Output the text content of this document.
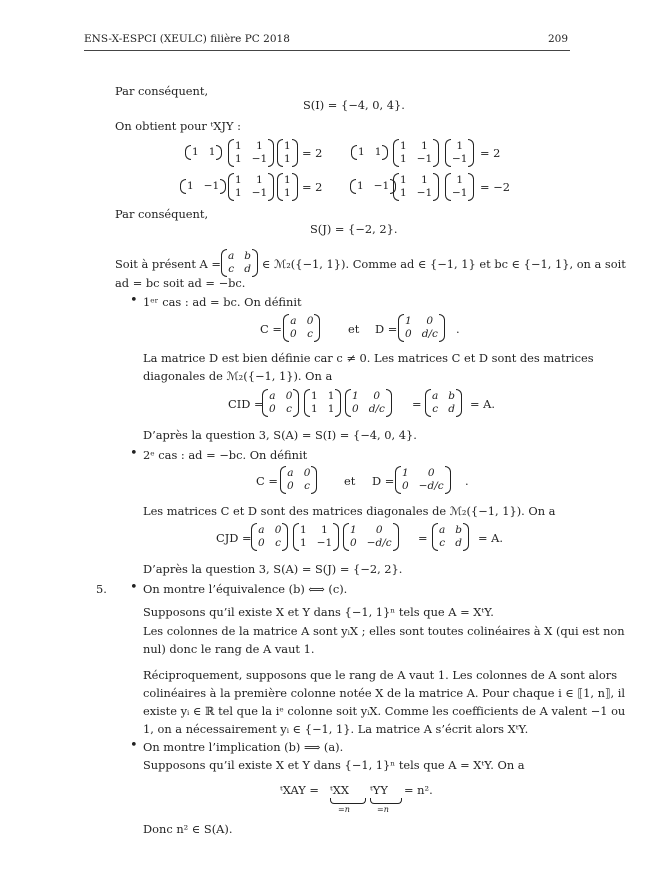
ENS-X-ESPCI (XEULC) filière PC 2018	209
Par conséquent,
S(I) = {−4, 0, 4}.
On obtient pour ᵗXJY :
1 1 1	1
1 −1
1
1 = 2	1 1 1	1
1 −1
1
−1 = 2
1 −1 1	1
1 −1
1
1 = 2	1 −1 1	1
1 −1
1
−1 = −2
Par conséquent,
S(J) = {−2, 2}.
Soit à présent A =
a b
c d ∈ ℳ₂({−1, 1}). Comme ad ∈ {−1, 1} et bc ∈ {−1, 1}, on a soit
ad = bc soit ad = −bc.
• 1ᵉʳ cas : ad = bc. On définit
C =
a 0
0 c	et D =
1	0
0 d/c .
La matrice D est bien définie car c ≠ 0. Les matrices C et D sont des matrices
diagonales de ℳ₂({−1, 1}). On a
CID =
a 0
0 c
1 1
1 1
1	0
0 d/c =
a b
c d = A.
D’après la question 3, S(A) = S(I) = {−4, 0, 4}.
• 2ᵉ cas : ad = −bc. On définit
C =
a 0
0 c	et D =
1	0
0 −d/c .
Les matrices C et D sont des matrices diagonales de ℳ₂({−1, 1}). On a
CJD =
a 0
0 c
1	1
1 −1
1	0
0 −d/c =
a b
c d = A.
D’après la question 3, S(A) = S(J) = {−2, 2}.
5. • On montre l’équivalence (b) ⟺ (c).
Supposons qu’il existe X et Y dans {−1, 1}ⁿ tels que A = XᵗY.
Les colonnes de la matrice A sont yᵢX ; elles sont toutes colinéaires à X (qui est non
nul) donc le rang de A vaut 1.
Réciproquement, supposons que le rang de A vaut 1. Les colonnes de A sont alors
colinéaires à la première colonne notée X de la matrice A. Pour chaque i ∈ ⟦1, n⟧, il
existe yᵢ ∈ ℝ tel que la iᵉ colonne soit yᵢX. Comme les coefficients de A valent −1 ou
1, on a nécessairement yᵢ ∈ {−1, 1}. La matrice A s’écrit alors XᵗY.
• On montre l’implication (b) ⟹ (a).
Supposons qu’il existe X et Y dans {−1, 1}ⁿ tels que A = XᵗY. On a
ᵗXAY = ᵗXX
=n
ᵗYY
=n
= n².
Donc n² ∈ S(A).
